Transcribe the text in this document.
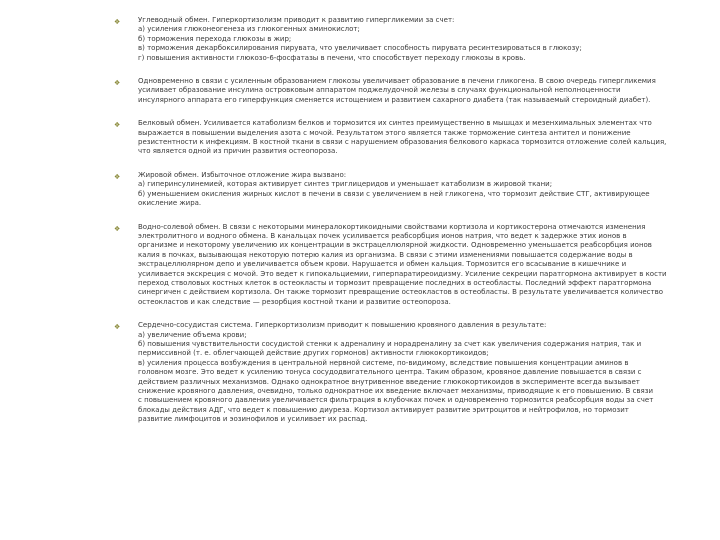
❖	Углеводный обмен. Гиперкортизолизм приводит к развитию гипергликемии за счет:
а) усиления глюконеогенеза из глюкогенных аминокислот;
б) торможения перехода глюкозы в жир;
в) торможения декарбоксилирования пирувата, что увеличивает способность пирувата ресинтезироваться в глюкозу;
г) повышения активности глюкозо-6-фосфатазы в печени, что способствует переходу глюкозы в кровь.
❖	Одновременно в связи с усиленным образованием глюкозы увеличивает образование в печени гликогена. В свою очередь гипергликемия
усиливает образование инсулина островковым аппаратом поджелудочной железы в случаях функциональной неполноценности
инсулярного аппарата его гиперфункция сменяется истощением и развитием сахарного диабета (так называемый стероидный диабет).
❖	Белковый обмен. Усиливается катаболизм белков и тормозится их синтез преимущественно в мышцах и мезенхимальных элементах что
выражается в повышении выделения азота с мочой. Результатом этого является также торможение синтеза антител и понижение
резистентности к инфекциям. В костной ткани в связи с нарушением образования белкового каркаса тормозится отложение солей кальция,
что является одной из причин развития остеопороза.
❖	Жировой обмен. Избыточное отложение жира вызвано:
а) гиперинсулинемией, которая активирует синтез триглицеридов и уменьшает катаболизм в жировой ткани;
б) уменьшением окисления жирных кислот в печени в связи с увеличением в ней гликогена, что тормозит действие СТГ, активирующее
окисление жира.
❖	Водно-солевой обмен. В связи с некоторыми минералокортикоидными свойствами кортизола и кортикостерона отмечаются изменения
электролитного и водного обмена. В канальцах почек усиливается реабсорбция ионов натрия, что ведет к задержке этих ионов в
организме и некоторому увеличению их концентрации в экстрацеллюлярной жидкости. Одновременно уменьшается реабсорбция ионов
калия в почках, вызывающая некоторую потерю калия из организма. В связи с этими изменениями повышается содержание воды в
экстрацеллюлярном депо и увеличивается объем крови. Нарушается и обмен кальция. Тормозится его всасывание в кишечнике и
усиливается экскреция с мочой. Это ведет к гипокальциемии, гиперпаратиреоидизму. Усиление секреции паратгормона активирует в кости
переход стволовых костных клеток в остеокласты и тормозит превращение последних в остеобласты. Последний эффект паратгормона
синергичен с действием кортизола. Он также тормозит превращение остеокластов в остеобласты. В результате увеличивается количество
остеокластов и как следствие — резорбция костной ткани и развитие остеопороза.
❖	Сердечно-сосудистая система. Гиперкортизолизм приводит к повышению кровяного давления в результате:
а) увеличение объема крови;
б) повышения чувствительности сосудистой стенки к адреналину и норадреналину за счет как увеличения содержания натрия, так и
пермиссивной (т. е. облегчающей действие других гормонов) активности глюкокортикоидов;
в) усиления процесса возбуждения в центральной нервной системе, по-видимому, вследствие повышения концентрации аминов в
головном мозге. Это ведет к усилению тонуса сосудодвигательного центра. Таким образом, кровяное давление повышается в связи с
действием различных механизмов. Однако однократное внутривенное введение глюкокортикоидов в эксперименте всегда вызывает
снижение кровяного давления, очевидно, только однократное их введение включает механизмы, приводящие к его повышению. В связи
с повышением кровяного давления увеличивается фильтрация в клубочках почек и одновременно тормозится реабсорбция воды за счет
блокады действия АДГ, что ведет к повышению диуреза. Кортизол активирует развитие эритроцитов и нейтрофилов, но тормозит
развитие лимфоцитов и эозинофилов и усиливает их распад.
